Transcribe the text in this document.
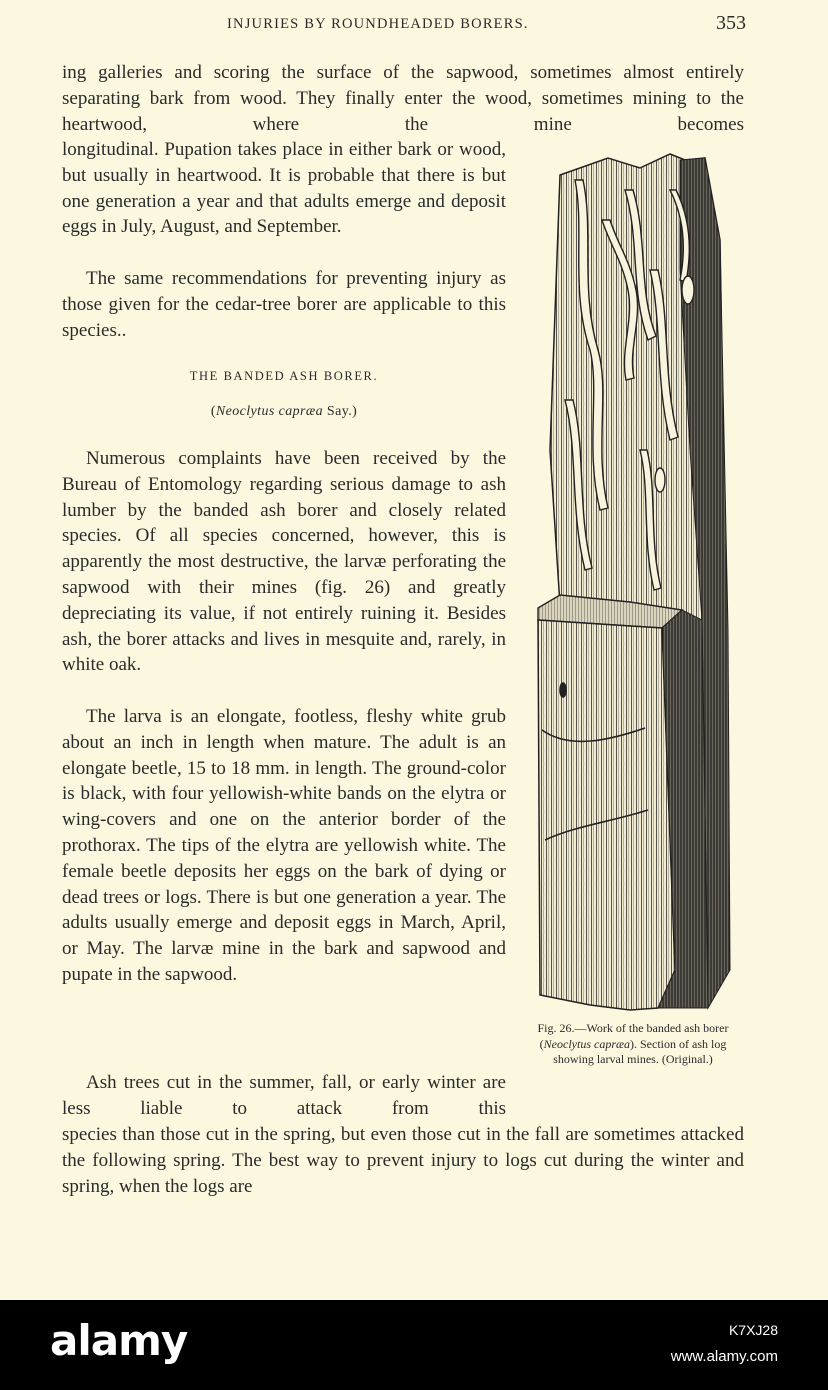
INJURIES BY ROUNDHEADED BORERS.	353

ing galleries and scoring the surface of the sapwood, sometimes almost entirely separating bark from wood. They finally enter the wood, sometimes mining to the heartwood, where the mine becomes

longitudinal. Pupation takes place in either bark or wood, but usually in heartwood. It is probable that there is but one generation a year and that adults emerge and deposit eggs in July, August, and September.

The same recommendations for preventing injury as those given for the cedar-tree borer are applicable to this species..

THE BANDED ASH BORER.

(Neoclytus capræa Say.)

Numerous complaints have been received by the Bureau of Entomology regarding serious damage to ash lumber by the banded ash borer and closely related species. Of all species concerned, however, this is apparently the most destructive, the larvæ perforating the sapwood with their mines (fig. 26) and greatly depreciating its value, if not entirely ruining it. Besides ash, the borer attacks and lives in mesquite and, rarely, in white oak.

The larva is an elongate, footless, fleshy white grub about an inch in length when mature. The adult is an elongate beetle, 15 to 18 mm. in length. The ground-color is black, with four yellowish-white bands on the elytra or wing-covers and one on the anterior border of the prothorax. The tips of the elytra are yellowish white. The female beetle deposits her eggs on the bark of dying or dead trees or logs. There is but one generation a year. The adults usually emerge and deposit eggs in March, April, or May. The larvæ mine in the bark and sapwood and pupate in the sapwood.

Ash trees cut in the summer, fall, or early winter are less liable to attack from this

species than those cut in the spring, but even those cut in the fall are sometimes attacked the following spring. The best way to prevent injury to logs cut during the winter and spring, when the logs are

Fig. 26.—Work of the banded ash borer (Neoclytus capræa). Section of ash log showing larval mines. (Original.)

alamy	K7XJ28
www.alamy.com
